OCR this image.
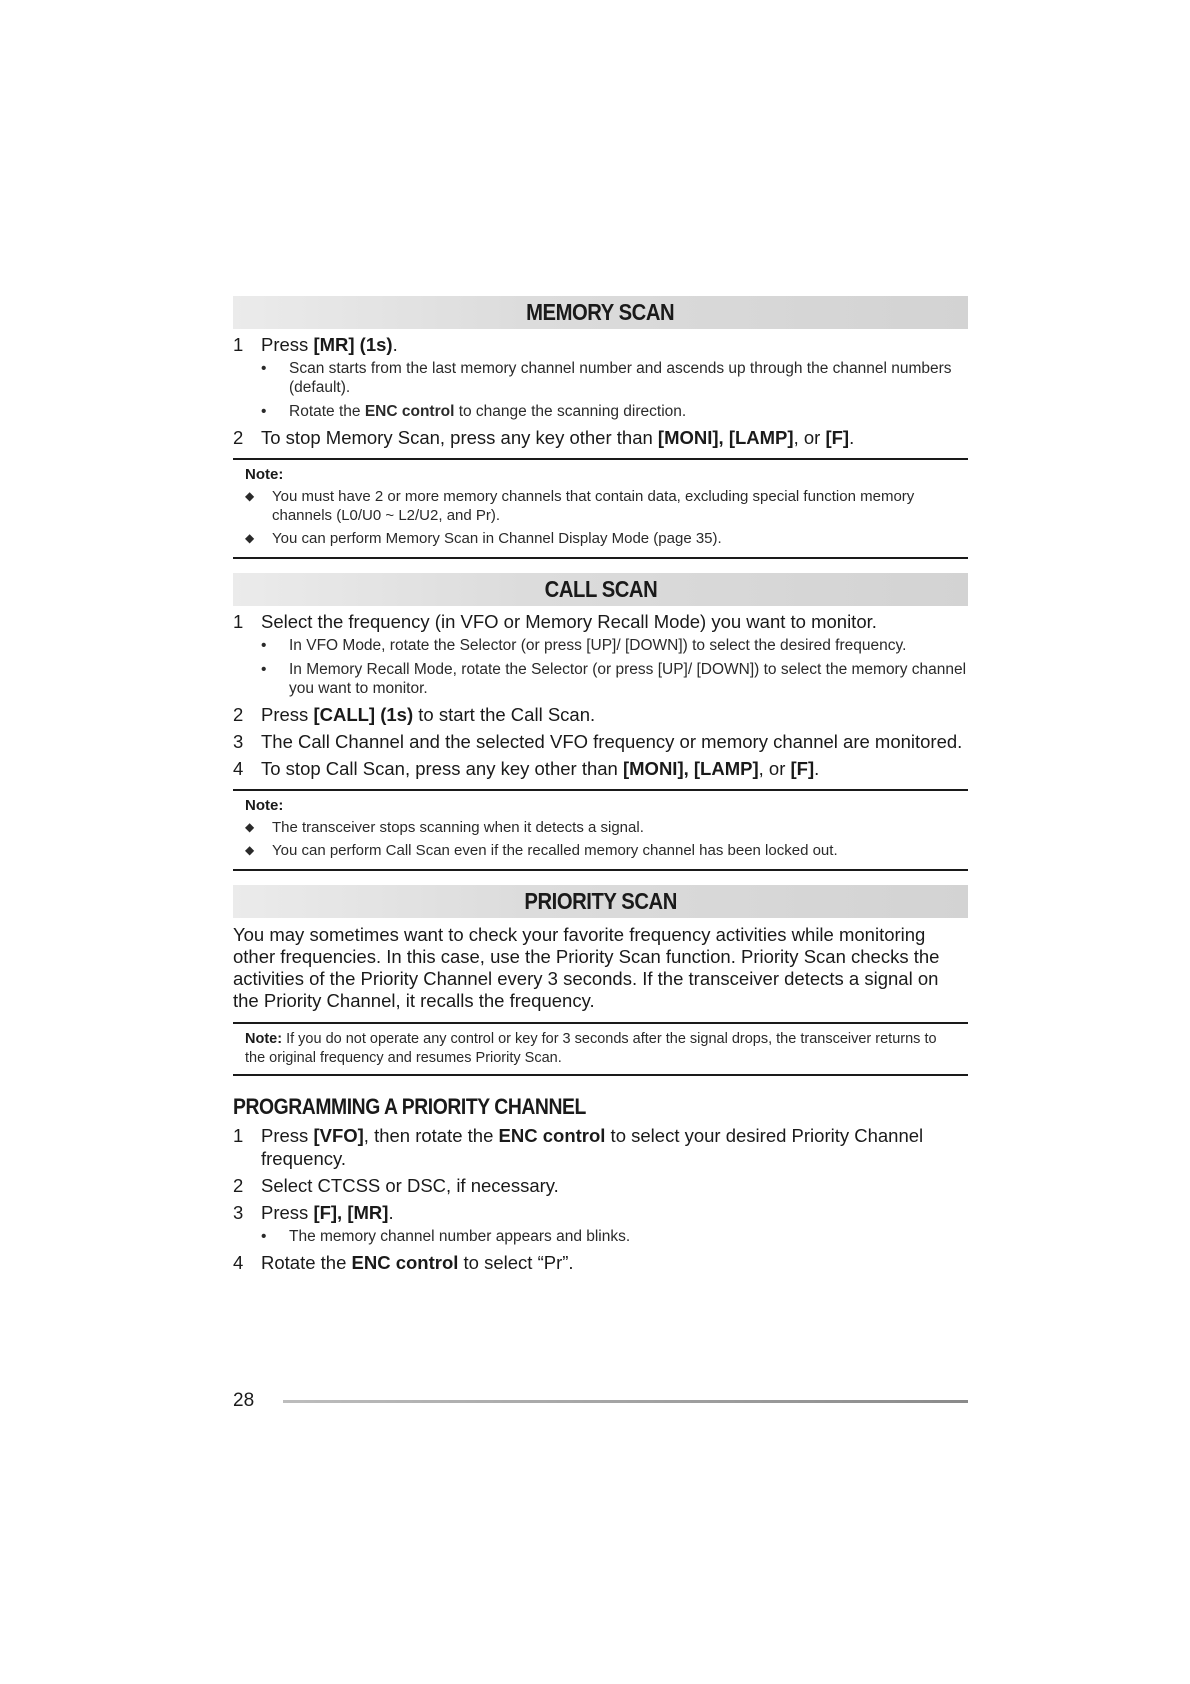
MEMORY SCAN
1 Press [MR] (1s).
•	Scan starts from the last memory channel number and ascends up through the channel numbers (default).
•	Rotate the ENC control to change the scanning direction.
2 To stop Memory Scan, press any key other than [MONI], [LAMP], or [F].
Note:
◆	You must have 2 or more memory channels that contain data, excluding special function memory channels (L0/U0 ~ L2/U2, and Pr).
◆	You can perform Memory Scan in Channel Display Mode (page 35).
CALL SCAN
1 Select the frequency (in VFO or Memory Recall Mode) you want to monitor.
•	In VFO Mode, rotate the Selector (or press [UP]/ [DOWN]) to select the desired frequency.
•	In Memory Recall Mode, rotate the Selector (or press [UP]/ [DOWN]) to select the memory channel you want to monitor.
2 Press [CALL] (1s) to start the Call Scan.
3 The Call Channel and the selected VFO frequency or memory channel are monitored.
4 To stop Call Scan, press any key other than [MONI], [LAMP], or [F].
Note:
◆	The transceiver stops scanning when it detects a signal.
◆	You can perform Call Scan even if the recalled memory channel has been locked out.
PRIORITY SCAN
You may sometimes want to check your favorite frequency activities while monitoring other frequencies. In this case, use the Priority Scan function. Priority Scan checks the activities of the Priority Channel every 3 seconds. If the transceiver detects a signal on the Priority Channel, it recalls the frequency.
Note: If you do not operate any control or key for 3 seconds after the signal drops, the transceiver returns to the original frequency and resumes Priority Scan.
PROGRAMMING A PRIORITY CHANNEL
1 Press [VFO], then rotate the ENC control to select your desired Priority Channel frequency.
2 Select CTCSS or DSC, if necessary.
3 Press [F], [MR].
•	The memory channel number appears and blinks.
4 Rotate the ENC control to select “Pr”.
28
